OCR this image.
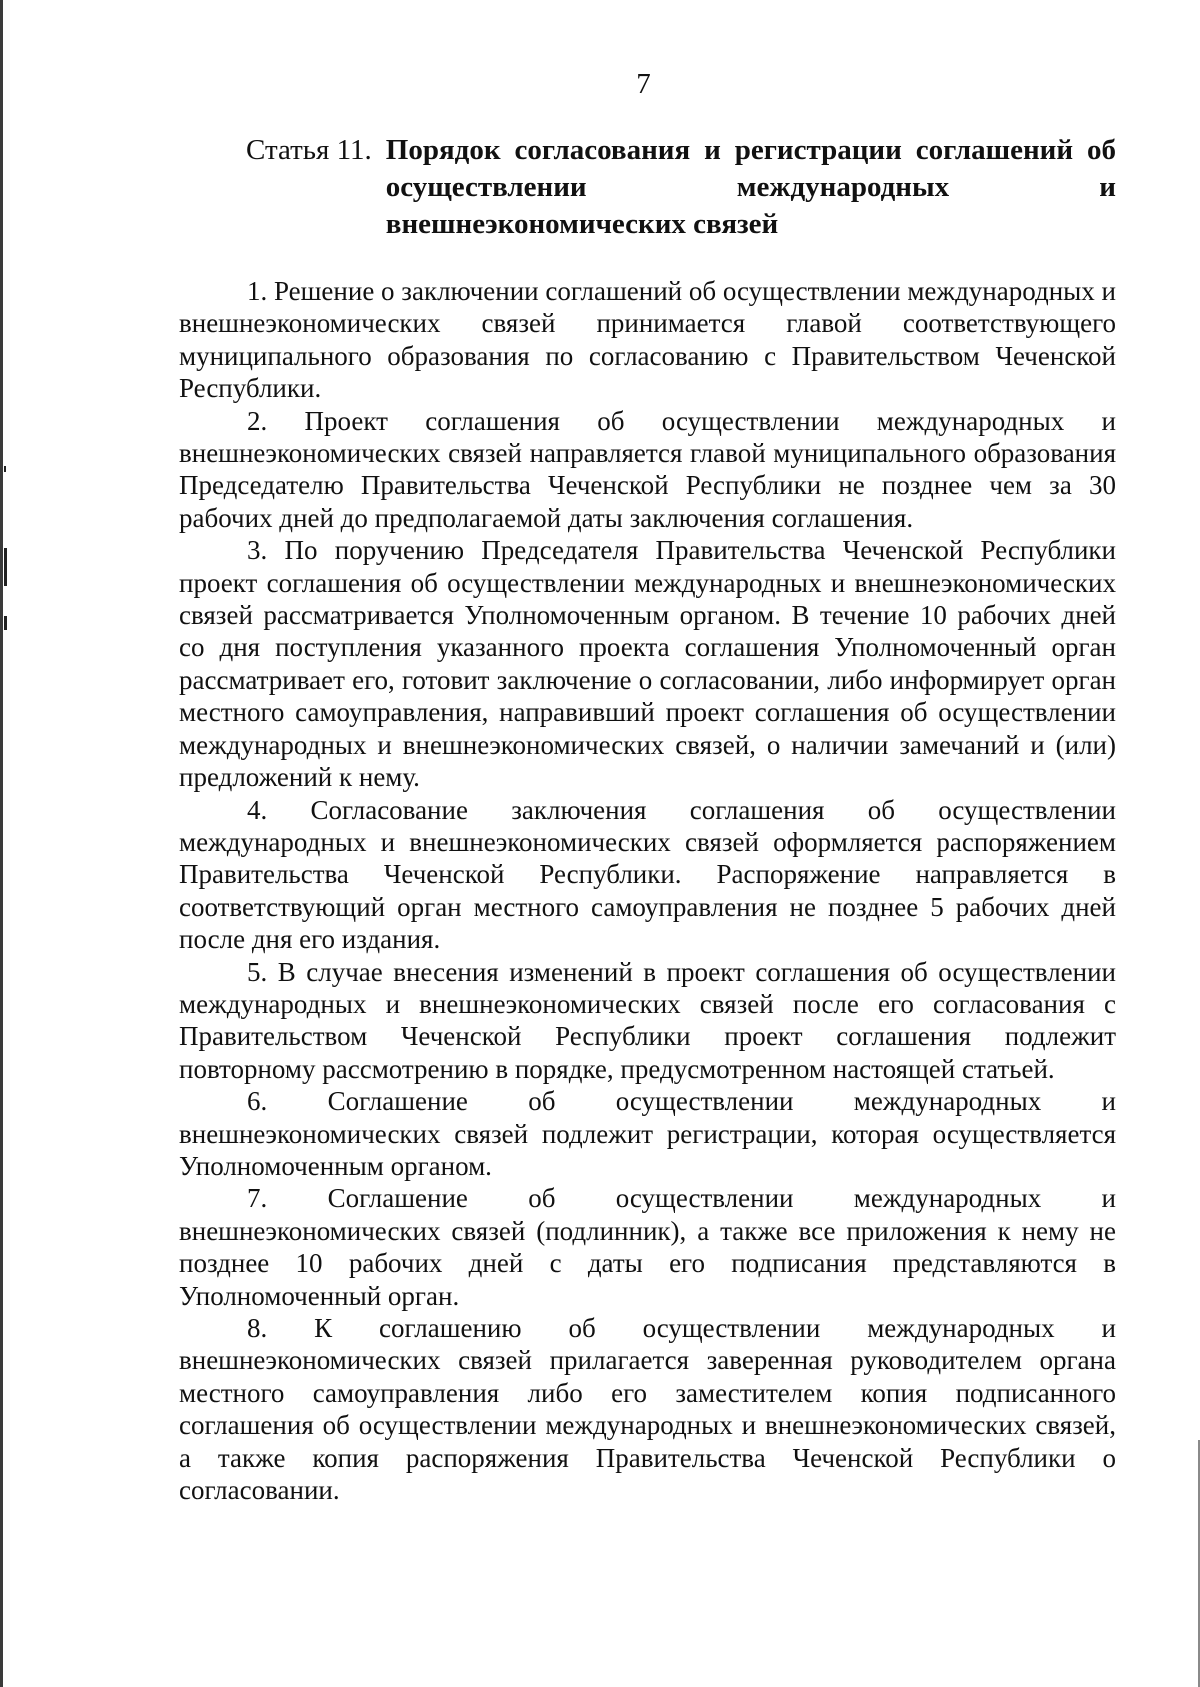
7
Статья 11. Порядок согласования и регистрации соглашений об осуществлении международных и внешнеэкономических связей

1. Решение о заключении соглашений об осуществлении международных и внешнеэкономических связей принимается главой соответствующего муниципального образования по согласованию с Правительством Чеченской Республики.

2. Проект соглашения об осуществлении международных и внешнеэкономических связей направляется главой муниципального образования Председателю Правительства Чеченской Республики не позднее чем за 30 рабочих дней до предполагаемой даты заключения соглашения.

3. По поручению Председателя Правительства Чеченской Республики проект соглашения об осуществлении международных и внешнеэкономических связей рассматривается Уполномоченным органом. В течение 10 рабочих дней со дня поступления указанного проекта соглашения Уполномоченный орган рассматривает его, готовит заключение о согласовании, либо информирует орган местного самоуправления, направивший проект соглашения об осуществлении международных и внешнеэкономических связей, о наличии замечаний и (или) предложений к нему.

4. Согласование заключения соглашения об осуществлении международных и внешнеэкономических связей оформляется распоряжением Правительства Чеченской Республики. Распоряжение направляется в соответствующий орган местного самоуправления не позднее 5 рабочих дней после дня его издания.

5. В случае внесения изменений в проект соглашения об осуществлении международных и внешнеэкономических связей после его согласования с Правительством Чеченской Республики проект соглашения подлежит повторному рассмотрению в порядке, предусмотренном настоящей статьей.

6. Соглашение об осуществлении международных и внешнеэкономических связей подлежит регистрации, которая осуществляется Уполномоченным органом.

7. Соглашение об осуществлении международных и внешнеэкономических связей (подлинник), а также все приложения к нему не позднее 10 рабочих дней с даты его подписания представляются в Уполномоченный орган.

8. К соглашению об осуществлении международных и внешнеэкономических связей прилагается заверенная руководителем органа местного самоуправления либо его заместителем копия подписанного соглашения об осуществлении международных и внешнеэкономических связей, а также копия распоряжения Правительства Чеченской Республики о согласовании.
